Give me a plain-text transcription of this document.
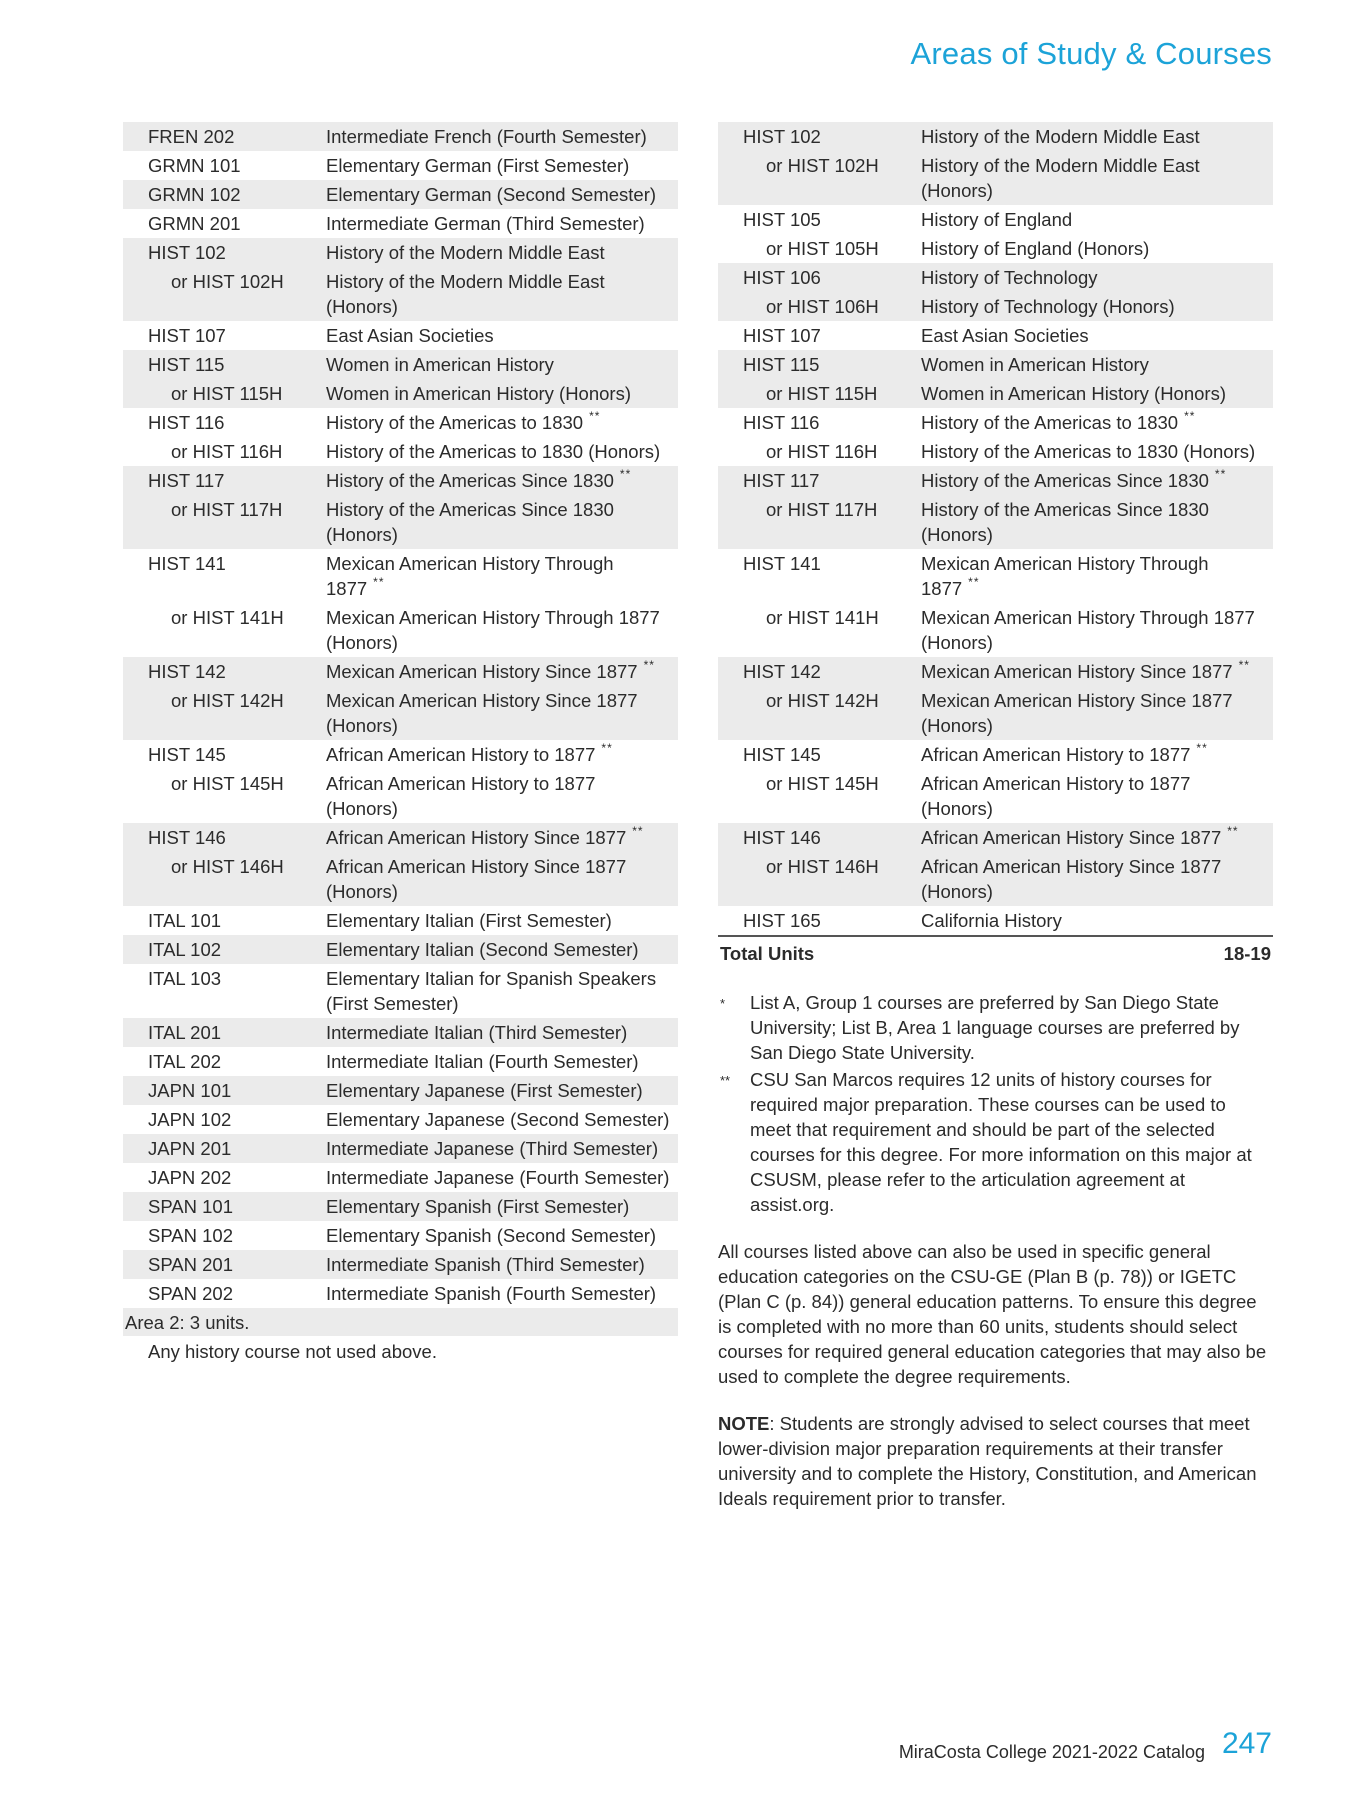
Areas of Study & Courses
FREN 202	Intermediate French (Fourth Semester)
GRMN 101	Elementary German (First Semester)
GRMN 102	Elementary German (Second Semester)
GRMN 201	Intermediate German (Third Semester)
HIST 102	History of the Modern Middle East
or HIST 102H	History of the Modern Middle East (Honors)
HIST 107	East Asian Societies
HIST 115	Women in American History
or HIST 115H	Women in American History (Honors)
HIST 116	History of the Americas to 1830 **
or HIST 116H	History of the Americas to 1830 (Honors)
HIST 117	History of the Americas Since 1830 **
or HIST 117H	History of the Americas Since 1830 (Honors)
HIST 141	Mexican American History Through 1877 **
or HIST 141H	Mexican American History Through 1877 (Honors)
HIST 142	Mexican American History Since 1877 **
or HIST 142H	Mexican American History Since 1877 (Honors)
HIST 145	African American History to 1877 **
or HIST 145H	African American History to 1877 (Honors)
HIST 146	African American History Since 1877 **
or HIST 146H	African American History Since 1877 (Honors)
ITAL 101	Elementary Italian (First Semester)
ITAL 102	Elementary Italian (Second Semester)
ITAL 103	Elementary Italian for Spanish Speakers (First Semester)
ITAL 201	Intermediate Italian (Third Semester)
ITAL 202	Intermediate Italian (Fourth Semester)
JAPN 101	Elementary Japanese (First Semester)
JAPN 102	Elementary Japanese (Second Semester)
JAPN 201	Intermediate Japanese (Third Semester)
JAPN 202	Intermediate Japanese (Fourth Semester)
SPAN 101	Elementary Spanish (First Semester)
SPAN 102	Elementary Spanish (Second Semester)
SPAN 201	Intermediate Spanish (Third Semester)
SPAN 202	Intermediate Spanish (Fourth Semester)
Area 2: 3 units.
Any history course not used above.
HIST 102	History of the Modern Middle East
or HIST 102H	History of the Modern Middle East (Honors)
HIST 105	History of England
or HIST 105H	History of England (Honors)
HIST 106	History of Technology
or HIST 106H	History of Technology (Honors)
HIST 107	East Asian Societies
HIST 115	Women in American History
or HIST 115H	Women in American History (Honors)
HIST 116	History of the Americas to 1830 **
or HIST 116H	History of the Americas to 1830 (Honors)
HIST 117	History of the Americas Since 1830 **
or HIST 117H	History of the Americas Since 1830 (Honors)
HIST 141	Mexican American History Through 1877 **
or HIST 141H	Mexican American History Through 1877 (Honors)
HIST 142	Mexican American History Since 1877 **
or HIST 142H	Mexican American History Since 1877 (Honors)
HIST 145	African American History to 1877 **
or HIST 145H	African American History to 1877 (Honors)
HIST 146	African American History Since 1877 **
or HIST 146H	African American History Since 1877 (Honors)
HIST 165	California History
Total Units	18-19
*	List A, Group 1 courses are preferred by San Diego State University; List B, Area 1 language courses are preferred by San Diego State University.
**	CSU San Marcos requires 12 units of history courses for required major preparation. These courses can be used to meet that requirement and should be part of the selected courses for this degree. For more information on this major at CSUSM, please refer to the articulation agreement at assist.org.
All courses listed above can also be used in specific general education categories on the CSU-GE (Plan B (p. 78)) or IGETC (Plan C (p. 84)) general education patterns. To ensure this degree is completed with no more than 60 units, students should select courses for required general education categories that may also be used to complete the degree requirements.
NOTE: Students are strongly advised to select courses that meet lower-division major preparation requirements at their transfer university and to complete the History, Constitution, and American Ideals requirement prior to transfer.
MiraCosta College 2021-2022 Catalog 247
